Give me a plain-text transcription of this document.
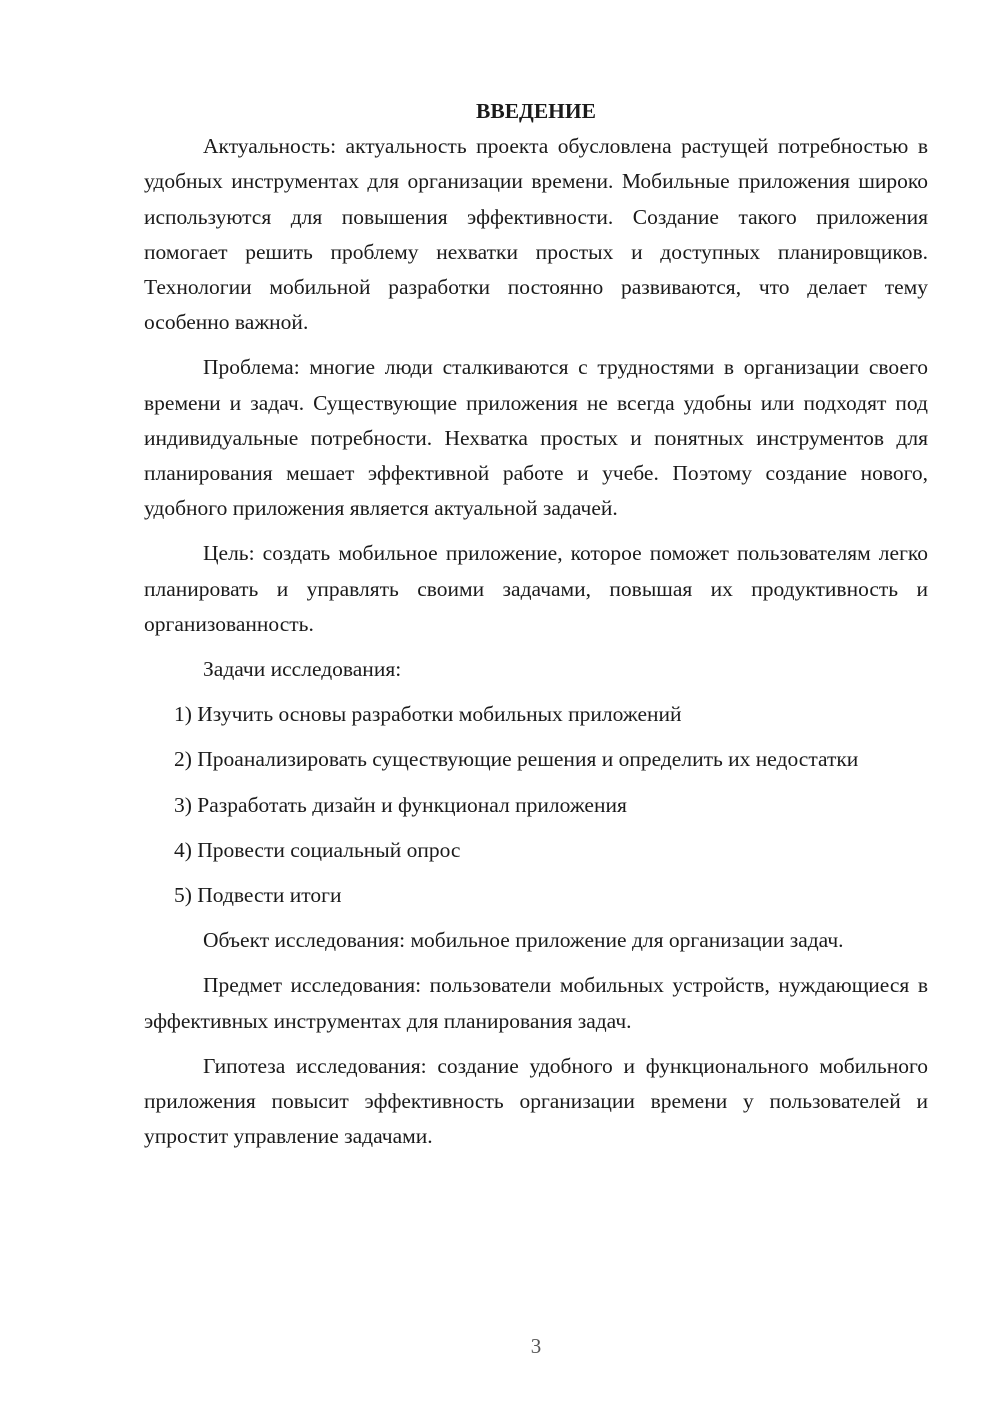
ВВЕДЕНИЕ

Актуальность: актуальность проекта обусловлена растущей потребностью в удобных инструментах для организации времени. Мобильные приложения широко используются для повышения эффективности. Создание такого приложения помогает решить проблему нехватки простых и доступных планировщиков. Технологии мобильной разработки постоянно развиваются, что делает тему особенно важной.

Проблема: многие люди сталкиваются с трудностями в организации своего времени и задач. Существующие приложения не всегда удобны или подходят под индивидуальные потребности. Нехватка простых и понятных инструментов для планирования мешает эффективной работе и учебе. Поэтому создание нового, удобного приложения является актуальной задачей.

Цель: создать мобильное приложение, которое поможет пользователям легко планировать и управлять своими задачами, повышая их продуктивность и организованность.

Задачи исследования:

1) Изучить основы разработки мобильных приложений

2) Проанализировать существующие решения и определить их недостатки

3) Разработать дизайн и функционал приложения

4) Провести социальный опрос

5) Подвести итоги

Объект исследования: мобильное приложение для организации задач.

Предмет исследования: пользователи мобильных устройств, нуждающиеся в эффективных инструментах для планирования задач.

Гипотеза исследования: создание удобного и функционального мобильного приложения повысит эффективность организации времени у пользователей и упростит управление задачами.

3
